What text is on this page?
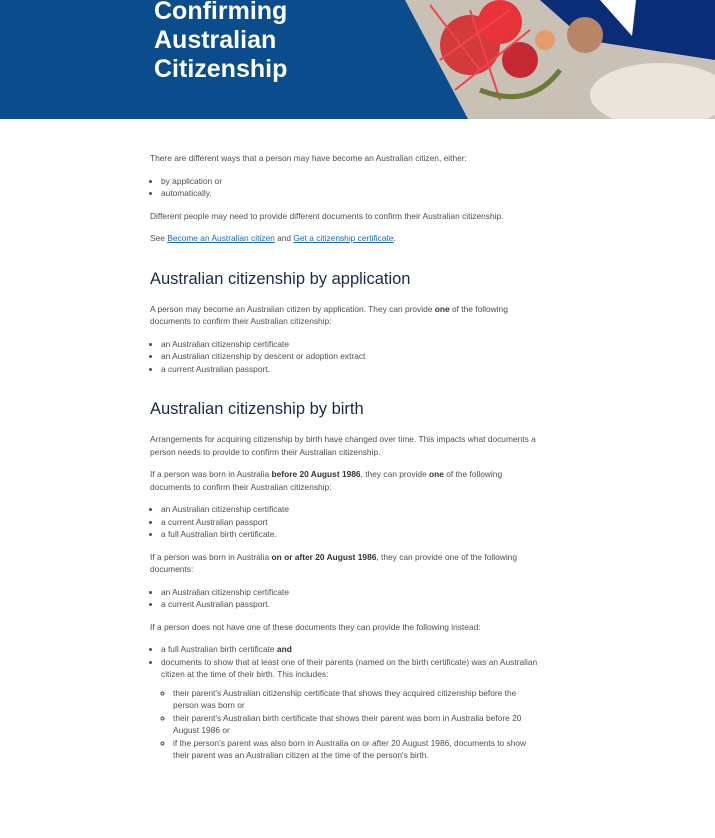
Confirming
Australian
Citizenship

There are different ways that a person may have become an Australian citizen, either:

• by application or
• automatically.

Different people may need to provide different documents to confirm their Australian citizenship.

See Become an Australian citizen and Get a citizenship certificate.

Australian citizenship by application

A person may become an Australian citizen by application. They can provide one of the following documents to confirm their Australian citizenship:

• an Australian citizenship certificate
• an Australian citizenship by descent or adoption extract
• a current Australian passport.
Australian citizenship by birth

Arrangements for acquiring citizenship by birth have changed over time. This impacts what documents a person needs to provide to confirm their Australian citizenship.

If a person was born in Australia before 20 August 1986, they can provide one of the following documents to confirm their Australian citizenship:

• an Australian citizenship certificate
• a current Australian passport
• a full Australian birth certificate.

If a person was born in Australia on or after 20 August 1986, they can provide one of the following documents:

• an Australian citizenship certificate
• a current Australian passport.

If a person does not have one of these documents they can provide the following instead:

• a full Australian birth certificate and
• documents to show that at least one of their parents (named on the birth certificate) was an Australian citizen at the time of their birth. This includes:
◦ their parent's Australian citizenship certificate that shows they acquired citizenship before the person was born or
◦ their parent's Australian birth certificate that shows their parent was born in Australia before 20 August 1986 or
◦ if the person's parent was also born in Australia on or after 20 August 1986, documents to show their parent was an Australian citizen at the time of the person's birth.
